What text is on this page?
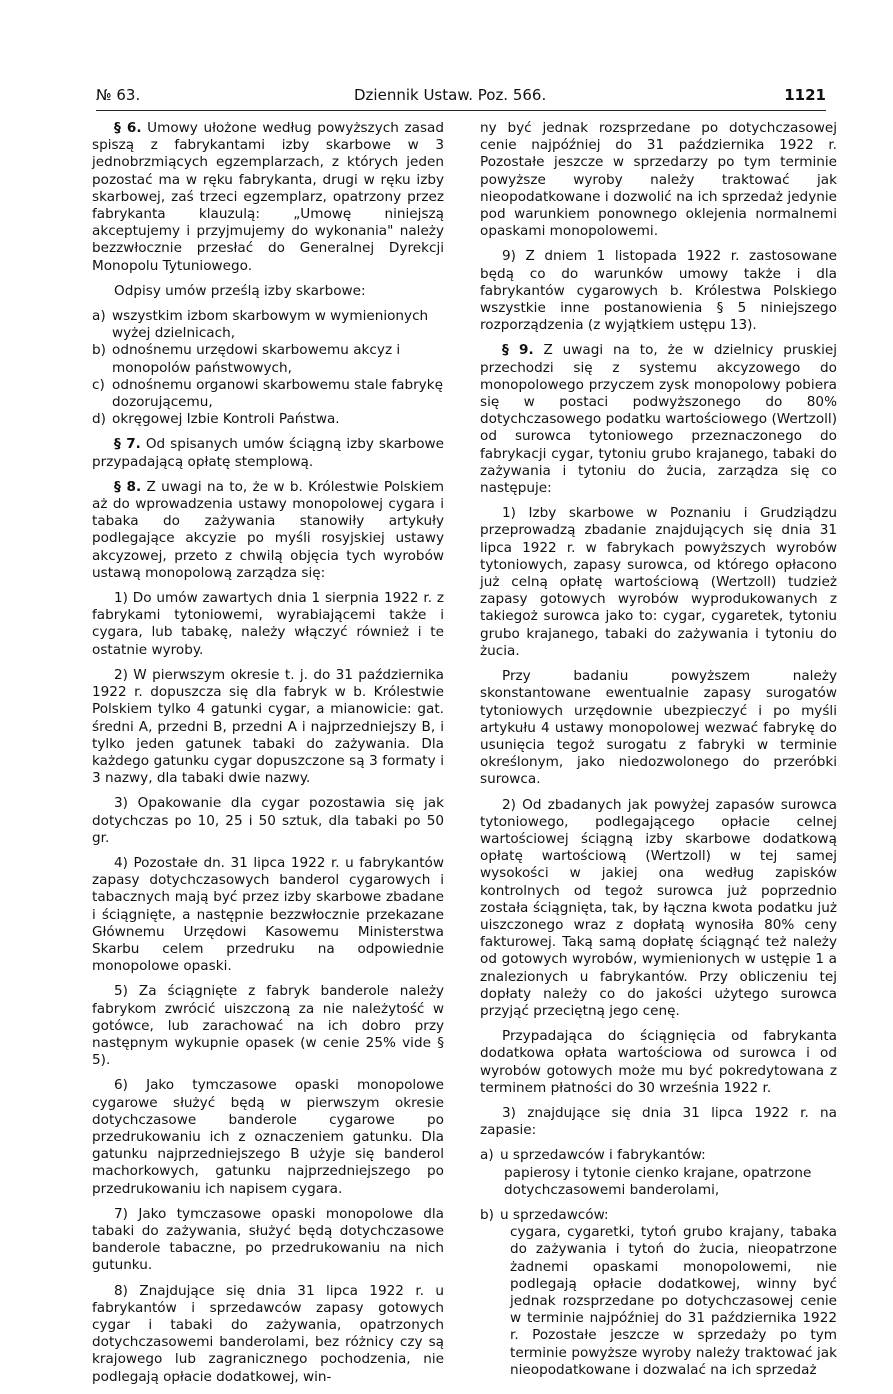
№ 63.	Dziennik Ustaw. Poz. 566.	1121

§ 6. Umowy ułożone według powyższych zasad spiszą z fabrykantami izby skarbowe w 3 jednobrzmiących egzemplarzach, z których jeden pozostać ma w ręku fabrykanta, drugi w ręku izby skarbowej, zaś trzeci egzemplarz, opatrzony przez fabrykanta klauzulą: „Umowę niniejszą akceptujemy i przyjmujemy do wykonania" należy bezzwłocznie przesłać do Generalnej Dyrekcji Monopolu Tytuniowego.

Odpisy umów prześlą izby skarbowe:

a) wszystkim izbom skarbowym w wymienionych wyżej dzielnicach,
b) odnośnemu urzędowi skarbowemu akcyz i monopolów państwowych,
c) odnośnemu organowi skarbowemu stale fabrykę dozorującemu,
d) okręgowej Izbie Kontroli Państwa.

§ 7. Od spisanych umów ściągną izby skarbowe przypadającą opłatę stemplową.

§ 8. Z uwagi na to, że w b. Królestwie Polskiem aż do wprowadzenia ustawy monopolowej cygara i tabaka do zażywania stanowiły artykuły podlegające akcyzie po myśli rosyjskiej ustawy akcyzowej, przeto z chwilą objęcia tych wyrobów ustawą monopolową zarządza się:

1) Do umów zawartych dnia 1 sierpnia 1922 r. z fabrykami tytoniowemi, wyrabiającemi także i cygara, lub tabakę, należy włączyć również i te ostatnie wyroby.

2) W pierwszym okresie t. j. do 31 października 1922 r. dopuszcza się dla fabryk w b. Królestwie Polskiem tylko 4 gatunki cygar, a mianowicie: gat. średni A, przedni B, przedni A i najprzedniejszy B, i tylko jeden gatunek tabaki do zażywania. Dla każdego gatunku cygar dopuszczone są 3 formaty i 3 nazwy, dla tabaki dwie nazwy.

3) Opakowanie dla cygar pozostawia się jak dotychczas po 10, 25 i 50 sztuk, dla tabaki po 50 gr.

4) Pozostałe dn. 31 lipca 1922 r. u fabrykantów zapasy dotychczasowych banderol cygarowych i tabacznych mają być przez izby skarbowe zbadane i ściągnięte, a następnie bezzwłocznie przekazane Głównemu Urzędowi Kasowemu Ministerstwa Skarbu celem przedruku na odpowiednie monopolowe opaski.

5) Za ściągnięte z fabryk banderole należy fabrykom zwrócić uiszczoną za nie należytość w gotówce, lub zarachować na ich dobro przy następnym wykupnie opasek (w cenie 25% vide § 5).

6) Jako tymczasowe opaski monopolowe cygarowe służyć będą w pierwszym okresie dotychczasowe banderole cygarowe po przedrukowaniu ich z oznaczeniem gatunku. Dla gatunku najprzedniejszego B użyje się banderol machorkowych, gatunku najprzedniejszego po przedrukowaniu ich napisem cygara.

7) Jako tymczasowe opaski monopolowe dla tabaki do zażywania, służyć będą dotychczasowe banderole tabaczne, po przedrukowaniu na nich gutunku.

8) Znajdujące się dnia 31 lipca 1922 r. u fabrykantów i sprzedawców zapasy gotowych cygar i tabaki do zażywania, opatrzonych dotychczasowemi banderolami, bez różnicy czy są krajowego lub zagranicznego pochodzenia, nie podlegają opłacie dodatkowej, win-

ny być jednak rozsprzedane po dotychczasowej cenie najpóźniej do 31 października 1922 r. Pozostałe jeszcze w sprzedarzy po tym terminie powyższe wyroby należy traktować jak nieopodatkowane i dozwolić na ich sprzedaż jedynie pod warunkiem ponownego oklejenia normalnemi opaskami monopolowemi.

9) Z dniem 1 listopada 1922 r. zastosowane będą co do warunków umowy także i dla fabrykantów cygarowych b. Królestwa Polskiego wszystkie inne postanowienia § 5 niniejszego rozporządzenia (z wyjątkiem ustępu 13).

§ 9. Z uwagi na to, że w dzielnicy pruskiej przechodzi się z systemu akcyzowego do monopolowego przyczem zysk monopolowy pobiera się w postaci podwyższonego do 80% dotychczasowego podatku wartościowego (Wertzoll) od surowca tytoniowego przeznaczonego do fabrykacji cygar, tytoniu grubo krajanego, tabaki do zażywania i tytoniu do żucia, zarządza się co następuje:

1) Izby skarbowe w Poznaniu i Grudziądzu przeprowadzą zbadanie znajdujących się dnia 31 lipca 1922 r. w fabrykach powyższych wyrobów tytoniowych, zapasy surowca, od którego opłacono już celną opłatę wartościową (Wertzoll) tudzież zapasy gotowych wyrobów wyprodukowanych z takiegoż surowca jako to: cygar, cygaretek, tytoniu grubo krajanego, tabaki do zażywania i tytoniu do żucia.

Przy badaniu powyższem należy skonstantowane ewentualnie zapasy surogatów tytoniowych urzędownie ubezpieczyć i po myśli artykułu 4 ustawy monopolowej wezwać fabrykę do usunięcia tegoż surogatu z fabryki w terminie określonym, jako niedozwolonego do przeróbki surowca.

2) Od zbadanych jak powyżej zapasów surowca tytoniowego, podlegającego opłacie celnej wartościowej ściągną izby skarbowe dodatkową opłatę wartościową (Wertzoll) w tej samej wysokości w jakiej ona według zapisków kontrolnych od tegoż surowca już poprzednio została ściągnięta, tak, by łączna kwota podatku już uiszczonego wraz z dopłatą wynosiła 80% ceny fakturowej. Taką samą dopłatę ściągnąć też należy od gotowych wyrobów, wymienionych w ustępie 1 a znalezionych u fabrykantów. Przy obliczeniu tej dopłaty należy co do jakości użytego surowca przyjąć przeciętną jego cenę.

Przypadająca do ściągnięcia od fabrykanta dodatkowa opłata wartościowa od surowca i od wyrobów gotowych może mu być pokredytowana z terminem płatności do 30 września 1922 r.

3) znajdujące się dnia 31 lipca 1922 r. na zapasie:

a) u sprzedawców i fabrykantów:

papierosy i tytonie cienko krajane, opatrzone dotychczasowemi banderolami,

b) u sprzedawców:

cygara, cygaretki, tytoń grubo krajany, tabaka do zażywania i tytoń do żucia, nieopatrzone żadnemi opaskami monopolowemi, nie podlegają opłacie dodatkowej, winny być jednak rozsprzedane po dotychczasowej cenie w terminie najpóźniej do 31 października 1922 r. Pozostałe jeszcze w sprzedaży po tym terminie powyższe wyroby należy traktować jak nieopodatkowane i dozwalać na ich sprzedaż
